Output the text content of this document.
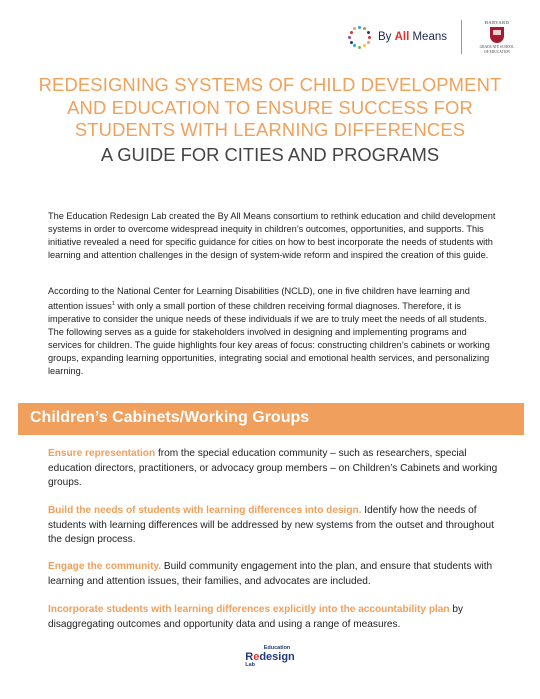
By All Means
HARVARD
GRADUATE SCHOOL
OF EDUCATION
REDESIGNING SYSTEMS OF CHILD DEVELOPMENT
AND EDUCATION TO ENSURE SUCCESS FOR
STUDENTS WITH LEARNING DIFFERENCES
A GUIDE FOR CITIES AND PROGRAMS
The Education Redesign Lab created the By All Means consortium to rethink education and child development systems in order to overcome widespread inequity in children’s outcomes, opportunities, and supports. This initiative revealed a need for specific guidance for cities on how to best incorporate the needs of students with learning and attention challenges in the design of system-wide reform and inspired the creation of this guide.
According to the National Center for Learning Disabilities (NCLD), one in five children have learning and attention issues$^1$ with only a small portion of these children receiving formal diagnoses. Therefore, it is imperative to consider the unique needs of these individuals if we are to truly meet the needs of all students. The following serves as a guide for stakeholders involved in designing and implementing programs and services for children. The guide highlights four key areas of focus: constructing children’s cabinets or working groups, expanding learning opportunities, integrating social and emotional health services, and personalizing learning.
Children’s Cabinets/Working Groups
Ensure representation from the special education community – such as researchers, special education directors, practitioners, or advocacy group members – on Children’s Cabinets and working groups.
Build the needs of students with learning differences into design. Identify how the needs of students with learning differences will be addressed by new systems from the outset and throughout the design process.
Engage the community. Build community engagement into the plan, and ensure that students with learning and attention issues, their families, and advocates are included.
Incorporate students with learning differences explicitly into the accountability plan by disaggregating outcomes and opportunity data and using a range of measures.
Education
Redesign
Lab
